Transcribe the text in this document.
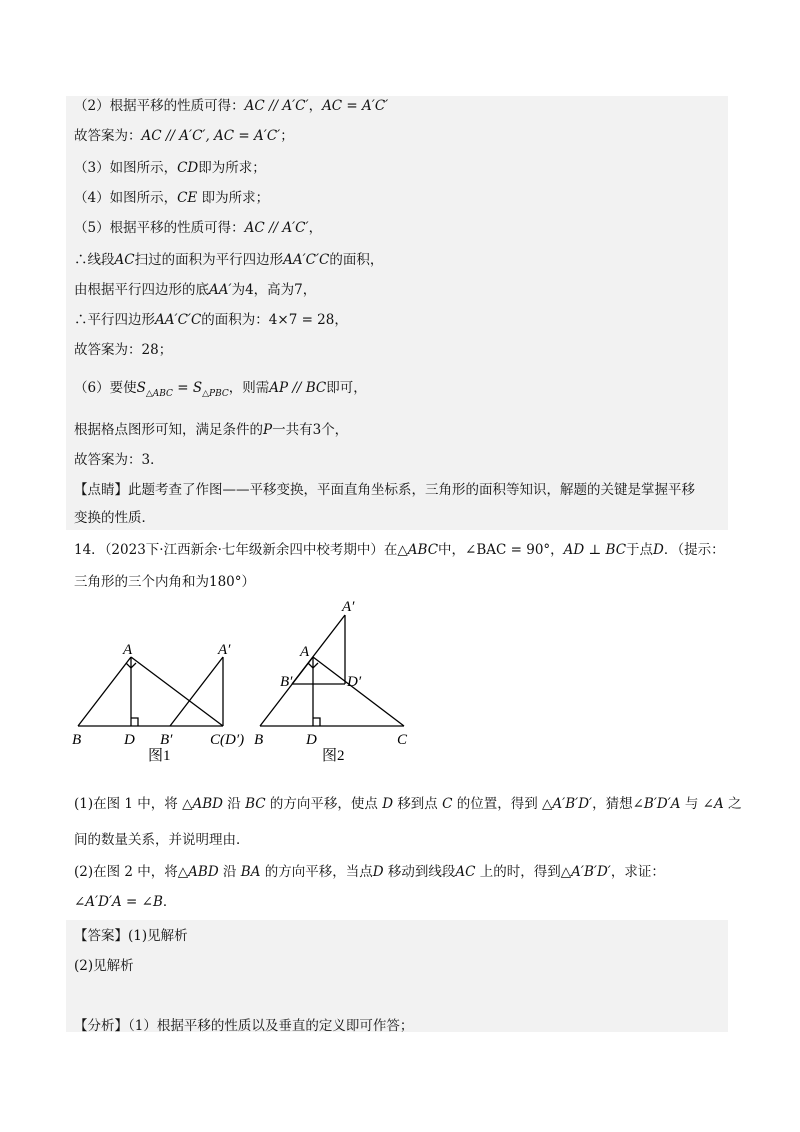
（2）根据平移的性质可得：AC // A′C′，AC = A′C′
故答案为：AC // A′C′, AC = A′C′；
（3）如图所示，CD即为所求；
（4）如图所示，CE 即为所求；
（5）根据平移的性质可得：AC // A′C′，
∴线段AC扫过的面积为平行四边形AA′C′C的面积，
由根据平行四边形的底AA′为4，高为7，
∴平行四边形AA′C′C的面积为：4×7 = 28，
故答案为：28；
（6）要使$S_{\triangle ABC} = S_{\triangle PBC}$，则需AP // BC即可，
根据格点图形可知，满足条件的P一共有3个，
故答案为：3．
【点睛】此题考查了作图——平移变换，平面直角坐标系，三角形的面积等知识，解题的关键是掌握平移
变换的性质．
14．（2023下·江西新余·七年级新余四中校考期中）在△ABC中，∠BAC = 90°，AD ⊥ BC于点D．（提示：
三角形的三个内角和为180°）
A	A′
B	D B′	C(D′)
A′
A
B′	D′
B	D	C
图1	图2
(1)在图 1 中，将 △ABD 沿 BC 的方向平移，使点 D 移到点 C 的位置，得到 △A′B′D′，猜想∠B′D′A 与 ∠A 之
间的数量关系，并说明理由．
(2)在图 2 中，将△ABD 沿 BA 的方向平移，当点D 移动到线段AC 上的时，得到△A′B′D′，求证：
∠A′D′A = ∠B．
【答案】(1)见解析
(2)见解析
【分析】（1）根据平移的性质以及垂直的定义即可作答；
